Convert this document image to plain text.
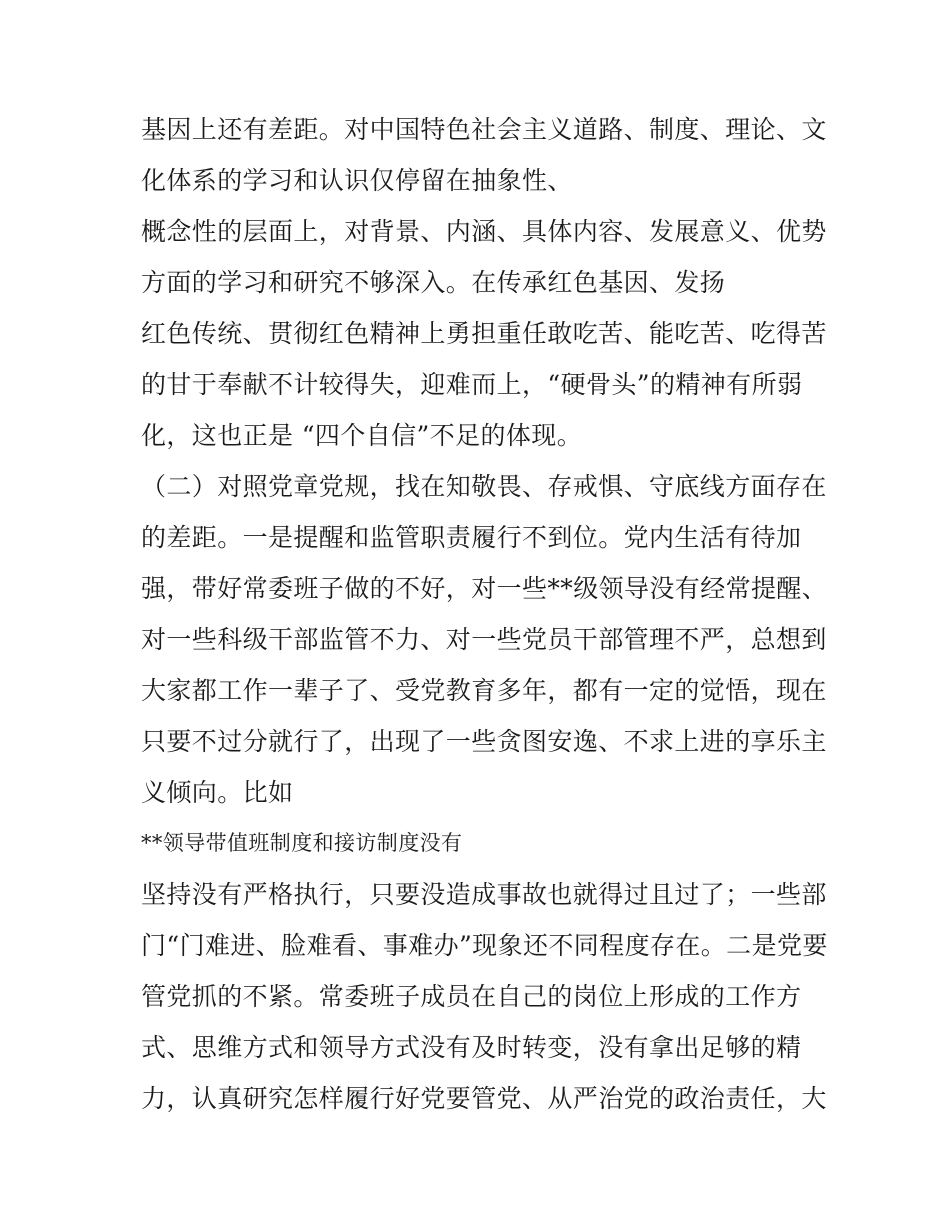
基因上还有差距。对中国特色社会主义道路、制度、理论、文
化体系的学习和认识仅停留在抽象性、
概念性的层面上，对背景、内涵、具体内容、发展意义、优势
方面的学习和研究不够深入。在传承红色基因、发扬
红色传统、贯彻红色精神上勇担重任敢吃苦、能吃苦、吃得苦
的甘于奉献不计较得失，迎难而上，“硬骨头”的精神有所弱
化，这也正是 “四个自信”不足的体现。
（二）对照党章党规，找在知敬畏、存戒惧、守底线方面存在
的差距。一是提醒和监管职责履行不到位。党内生活有待加
强，带好常委班子做的不好，对一些**级领导没有经常提醒、
对一些科级干部监管不力、对一些党员干部管理不严，总想到
大家都工作一辈子了、受党教育多年，都有一定的觉悟，现在
只要不过分就行了，出现了一些贪图安逸、不求上进的享乐主
义倾向。比如
**领导带值班制度和接访制度没有
坚持没有严格执行，只要没造成事故也就得过且过了；一些部
门“门难进、脸难看、事难办”现象还不同程度存在。二是党要
管党抓的不紧。常委班子成员在自己的岗位上形成的工作方
式、思维方式和领导方式没有及时转变，没有拿出足够的精
力，认真研究怎样履行好党要管党、从严治党的政治责任，大
